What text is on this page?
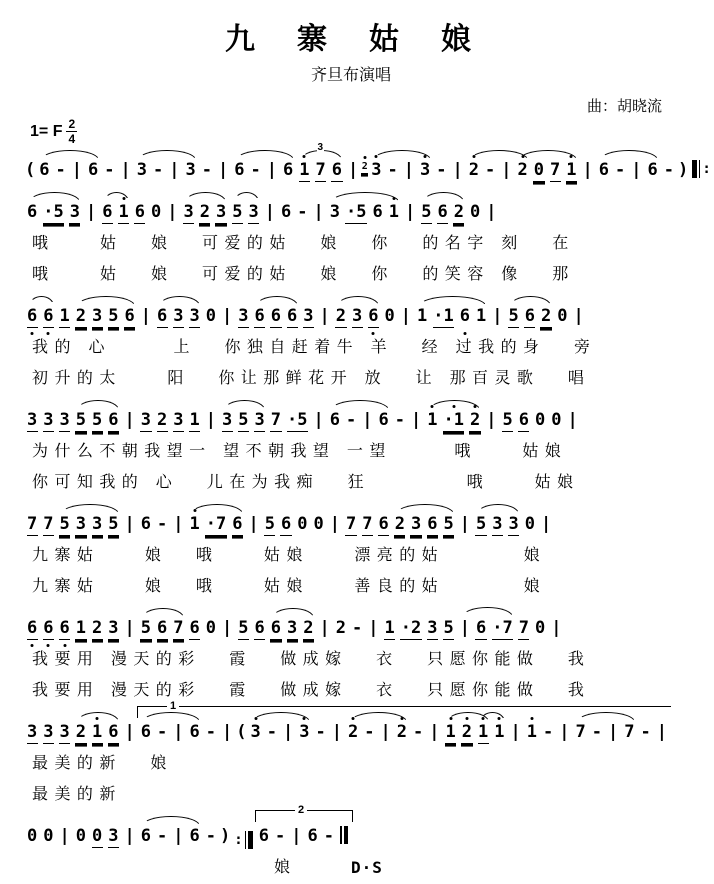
九　寨　姑　娘
齐旦布演唱
曲：胡晓流
1= F $\frac{2}{4}$
( 6 - | 6 - | 3 - | 3 - | 6 - | 6 1 7 6 | 2 3 - | 3 - | 2 - | 2 0 7 1 | 6 - | 6 - ) :
3
6 ·5 3 | 6 1 6 0 | 3 2 3 5 3 | 6 - | 3 ·5 6 1 | 5 6 2 0 |
哦　　　姑　　娘　　可 爱 的 姑　　娘　　你　　的 名 字　刻　　在
哦　　　姑　　娘　　可 爱 的 姑　　娘　　你　　的 笑 容　像　　那
6 6 1 2 3 5 6 | 6 3 3 0 | 3 6 6 6 3 | 2 3 6 0 | 1 ·1 6 1 | 5 6 2 0 |
我 的　心　　　　上　　你 独 自 赶 着 牛　羊　　经　过 我 的 身　　旁
初 升 的 太　　　阳　　你 让 那 鲜 花 开　放　　让　那 百 灵 歌　　唱
3 3 3 5 5 6 | 3 2 3 1 | 3 5 3 7 ·5 | 6 - | 6 - | 1 ·1 2 | 5 6 0 0 |
为 什 么 不 朝 我 望 一　望 不 朝 我 望　一 望　　　　哦　　　姑 娘
你 可 知 我 的　心　　儿 在 为 我 痴　　狂　　　　　　哦　　　姑 娘
7 7 5 3 3 5 | 6 - | 1 ·7 6 | 5 6 0 0 | 7 7 6 2 3 6 5 | 5 3 3 0 |
九 寨 姑　　　娘　　哦　　　姑 娘　　　漂 亮 的 姑　　　　　娘
九 寨 姑　　　娘　　哦　　　姑 娘　　　善 良 的 姑　　　　　娘
6 6 6 1 2 3 | 5 6 7 6 0 | 5 6 6 3 2 | 2 - | 1 ·2 3 5 | 6 ·7 7 0 |
我 要 用　漫 天 的 彩　　霞　　做 成 嫁　　衣　　只 愿 你 能 做　　我
我 要 用　漫 天 的 彩　　霞　　做 成 嫁　　衣　　只 愿 你 能 做　　我
3 3 3 2 1 6 | 6 - | 6 - | ( 3 - | 3 - | 2 - | 2 - | 1 2 1 1 | 1 - | 7 - | 7 - |
1
最 美 的 新　　娘
最 美 的 新
0 0 | 0 0 3 | 6 - | 6 - ) : 6 - | 6 -
2
娘	D·S
